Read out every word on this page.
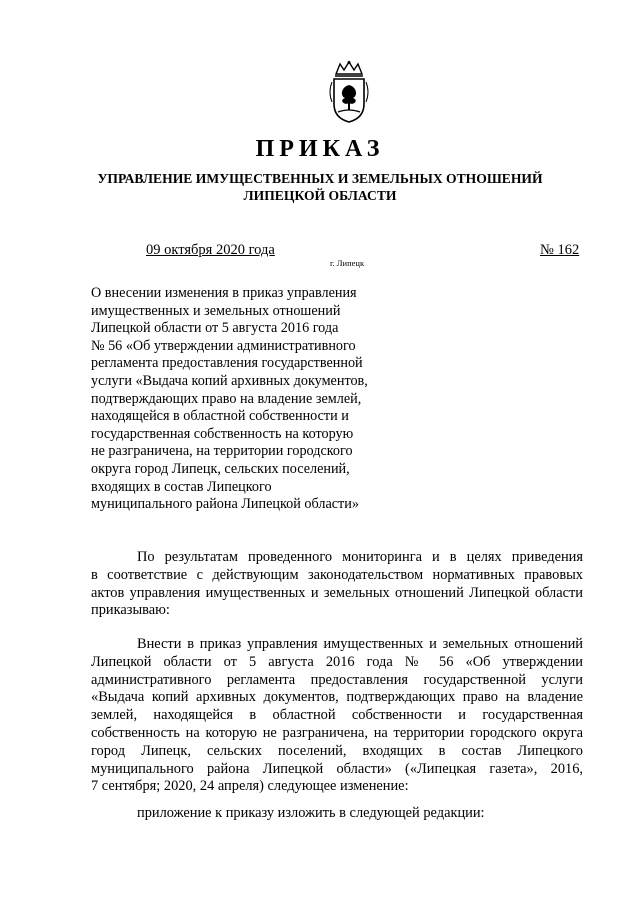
ПРИКАЗ
УПРАВЛЕНИЕ ИМУЩЕСТВЕННЫХ И ЗЕМЕЛЬНЫХ ОТНОШЕНИЙ
ЛИПЕЦКОЙ ОБЛАСТИ
09 октября 2020 года	№ 162
г. Липецк
О внесении изменения в приказ управления
имущественных и земельных отношений
Липецкой области от 5 августа 2016 года
№ 56 «Об утверждении административного
регламента предоставления государственной
услуги «Выдача копий архивных документов,
подтверждающих право на владение землей,
находящейся в областной собственности и
государственная собственность на которую
не разграничена, на территории городского
округа город Липецк, сельских поселений,
входящих в состав Липецкого
муниципального района Липецкой области»
По результатам проведенного мониторинга и в целях приведения
в соответствие с действующим законодательством нормативных правовых
актов управления имущественных и земельных отношений Липецкой области
приказываю:
Внести в приказ управления имущественных и земельных отношений
Липецкой области от 5 августа 2016 года № 56 «Об утверждении
административного регламента предоставления государственной услуги
«Выдача копий архивных документов, подтверждающих право на владение
землей, находящейся в областной собственности и государственная
собственность на которую не разграничена, на территории городского округа
город Липецк, сельских поселений, входящих в состав Липецкого
муниципального района Липецкой области» («Липецкая газета», 2016,
7 сентября; 2020, 24 апреля) следующее изменение:
приложение к приказу изложить в следующей редакции:
